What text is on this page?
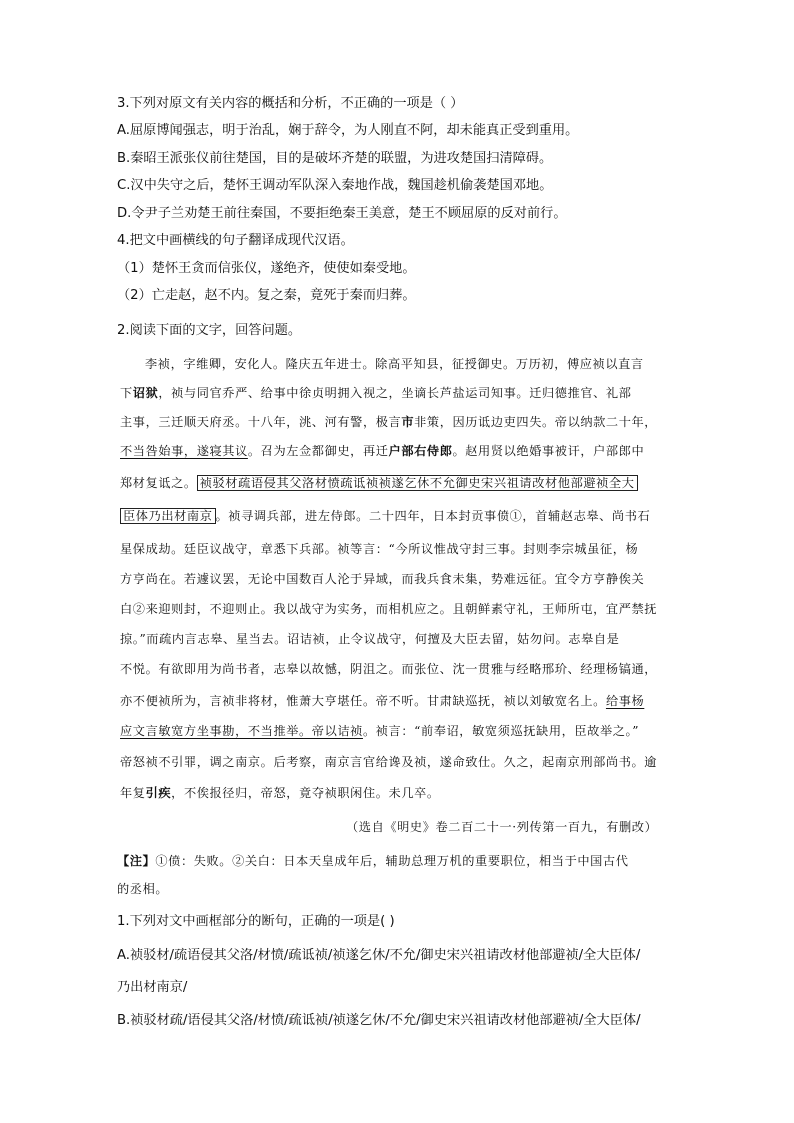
3.下列对原文有关内容的概括和分析，不正确的一项是（ ）
A.屈原博闻强志，明于治乱，娴于辞令，为人刚直不阿，却未能真正受到重用。
B.秦昭王派张仪前往楚国，目的是破坏齐楚的联盟，为进攻楚国扫清障碍。
C.汉中失守之后，楚怀王调动军队深入秦地作战，魏国趁机偷袭楚国邓地。
D.令尹子兰劝楚王前往秦国，不要拒绝秦王美意，楚王不顾屈原的反对前行。
4.把文中画横线的句子翻译成现代汉语。
（1）楚怀王贪而信张仪，遂绝齐，使使如秦受地。
（2）亡走赵，赵不内。复之秦，竟死于秦而归葬。
2.阅读下面的文字，回答问题。
李祯，字维卿，安化人。隆庆五年进士。除高平知县，征授御史。万历初，傅应祯以直言
下诏狱，祯与同官乔严、给事中徐贞明拥入视之，坐谪长芦盐运司知事。迁归德推官、礼部
主事，三迁顺天府丞。十八年，洮、河有警，极言市非策，因历诋边吏四失。帝以纳款二十年，
不当咎始事，遂寝其议。召为左佥都御史，再迁户部右侍郎。赵用贤以绝婚事被讦，户部郎中
郑材复诋之。 祯驳材疏语侵其父洛材愤疏诋祯祯遂乞休不允御史宋兴祖请改材他部避祯全大
臣体乃出材南京 。祯寻调兵部，进左侍郎。二十四年，日本封贡事偾①，首辅赵志皋、尚书石
星保成劫。廷臣议战守，章悉下兵部。祯等言：“今所议惟战守封三事。封则李宗城虽征，杨
方亨尚在。若遽议罢，无论中国数百人沦于异域，而我兵食未集，势难远征。宜令方亨静俟关
白②来迎则封，不迎则止。我以战守为实务，而相机应之。且朝鲜素守礼，王师所屯，宜严禁抚
掠。”而疏内言志皋、星当去。诏诘祯，止令议战守，何擅及大臣去留，姑勿问。志皋自是
不悦。有欲即用为尚书者，志皋以故憾，阴沮之。而张位、沈一贯雅与经略邢玠、经理杨镐通，
亦不便祯所为，言祯非将材，惟萧大亨堪任。帝不听。甘肃缺巡抚，祯以刘敏宽名上。给事杨
应文言敏宽方坐事勘，不当推举。帝以诘祯。祯言：“前奉诏，敏宽须巡抚缺用，臣故举之。”
帝怒祯不引罪，调之南京。后考察，南京言官给谗及祯，遂命致仕。久之，起南京刑部尚书。逾
年复引疾，不俟报径归，帝怒，竟夺祯职闲住。未几卒。
（选自《明史》卷二百二十一·列传第一百九，有删改）
【注】①偾：失败。②关白：日本天皇成年后，辅助总理万机的重要职位，相当于中国古代
的丞相。
1.下列对文中画框部分的断句，正确的一项是( )
A.祯驳材/疏语侵其父洛/材愤/疏诋祯/祯遂乞休/不允/御史宋兴祖请改材他部避祯/全大臣体/
乃出材南京/
B.祯驳材疏/语侵其父洛/材愤/疏诋祯/祯遂乞休/不允/御史宋兴祖请改材他部避祯/全大臣体/
